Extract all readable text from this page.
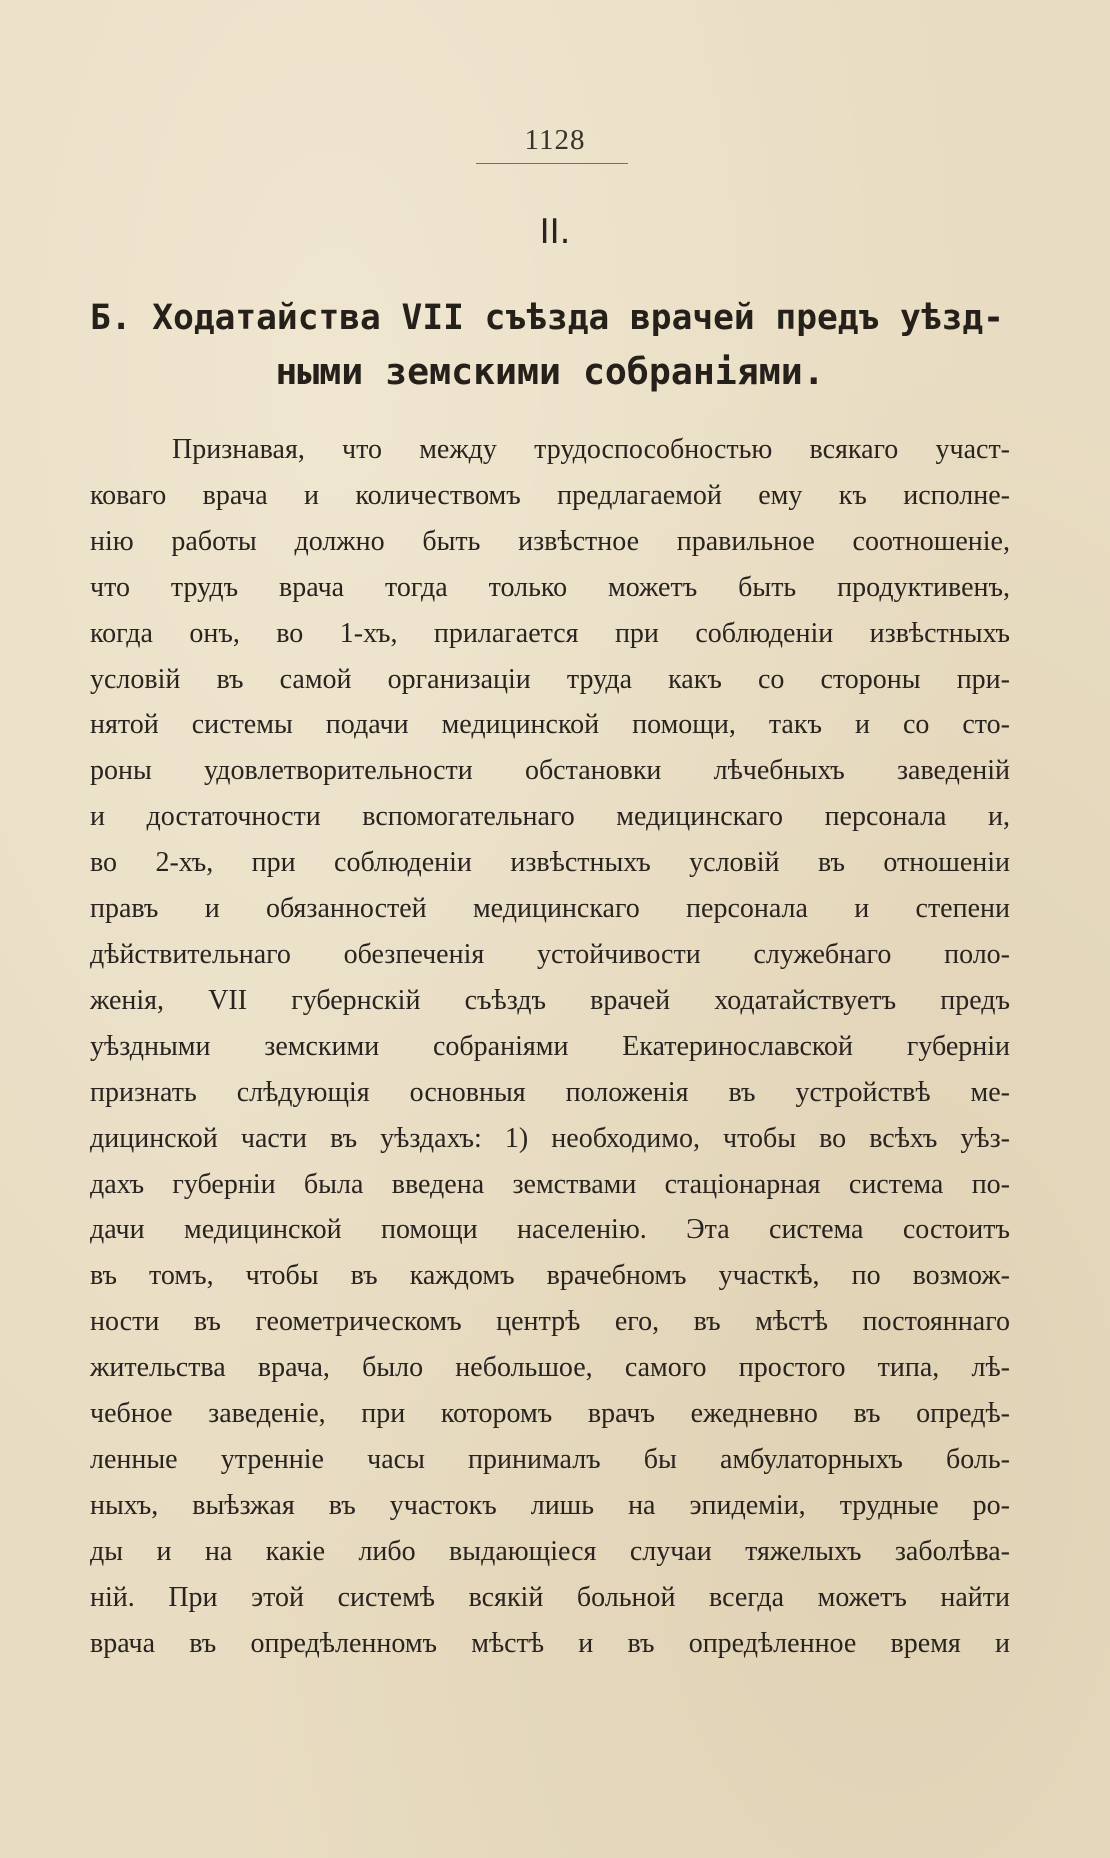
1128
II.
Б. Ходатайства VII съѣзда врачей предъ уѣзд-
ными земскими собраніями.
Признавая, что между трудоспособностью всякаго участ-
коваго врача и количествомъ предлагаемой ему къ исполне-
нію работы должно быть извѣстное правильное соотношеніе,
что трудъ врача тогда только можетъ быть продуктивенъ,
когда онъ, во 1-хъ, прилагается при соблюденіи извѣстныхъ
условій въ самой организаціи труда какъ со стороны при-
нятой системы подачи медицинской помощи, такъ и со сто-
роны удовлетворительности обстановки лѣчебныхъ заведеній
и достаточности вспомогательнаго медицинскаго персонала и,
во 2-хъ, при соблюденіи извѣстныхъ условій въ отношеніи
правъ и обязанностей медицинскаго персонала и степени
дѣйствительнаго обезпеченія устойчивости служебнаго поло-
женія, VII губернскій съѣздъ врачей ходатайствуетъ предъ
уѣздными земскими собраніями Екатеринославской губерніи
признать слѣдующія основныя положенія въ устройствѣ ме-
дицинской части въ уѣздахъ: 1) необходимо, чтобы во всѣхъ уѣз-
дахъ губерніи была введена земствами стаціонарная система по-
дачи медицинской помощи населенію. Эта система состоитъ
въ томъ, чтобы въ каждомъ врачебномъ участкѣ, по возмож-
ности въ геометрическомъ центрѣ его, въ мѣстѣ постояннаго
жительства врача, было небольшое, самого простого типа, лѣ-
чебное заведеніе, при которомъ врачъ ежедневно въ опредѣ-
ленные утренніе часы принималъ бы амбулаторныхъ боль-
ныхъ, выѣзжая въ участокъ лишь на эпидеміи, трудные ро-
ды и на какіе либо выдающіеся случаи тяжелыхъ заболѣва-
ній. При этой системѣ всякій больной всегда можетъ найти
врача въ опредѣленномъ мѣстѣ и въ опредѣленное время и
